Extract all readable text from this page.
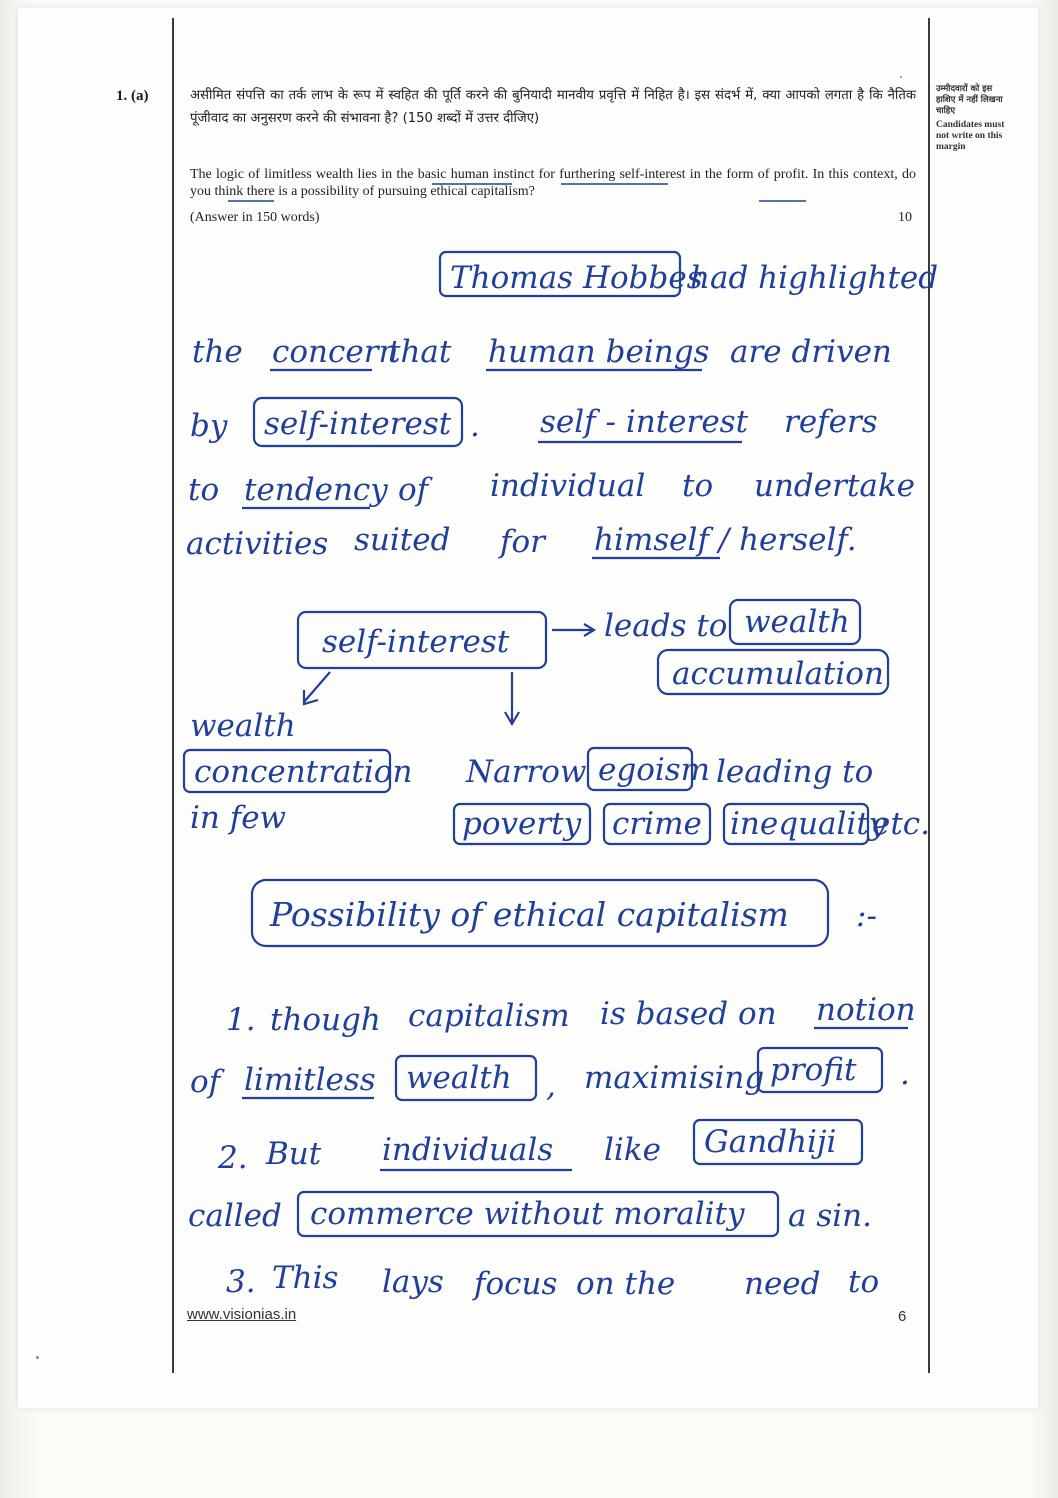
1. (a)	असीमित संपत्ति का तर्क लाभ के रूप में स्वहित की पूर्ति करने की बुनियादी मानवीय प्रवृत्ति में निहित है। इस संदर्भ में, क्या आपको लगता है कि नैतिक पूंजीवाद का अनुसरण करने की संभावना है? (150 शब्दों में उत्तर दीजिए)
The logic of limitless wealth lies in the basic human instinct for furthering self-interest in the form of profit. In this context, do you think there is a possibility of pursuing ethical capitalism?
(Answer in 150 words)	10
उम्मीदवारों को इस हाशिए में नहीं लिखना चाहिए
Candidates must not write on this margin
Thomas Hobbes
had highlighted
the concern
that human beings are driven
by self-interest . self - interest refers
to tendency of individual to undertake
activities suited for himself / herself.
self-interest	leads to wealth
accumulation
wealth
concentration
in few
Narrow egoism leading to
poverty crime inequality
etc.
Possibility of ethical capitalism :-
1. though capitalism is based on notion
of limitless wealth , maximising profit .
2. But individuals like Gandhiji
called commerce without morality a sin.
3. This lays focus on the need to
www.visionias.in	6
